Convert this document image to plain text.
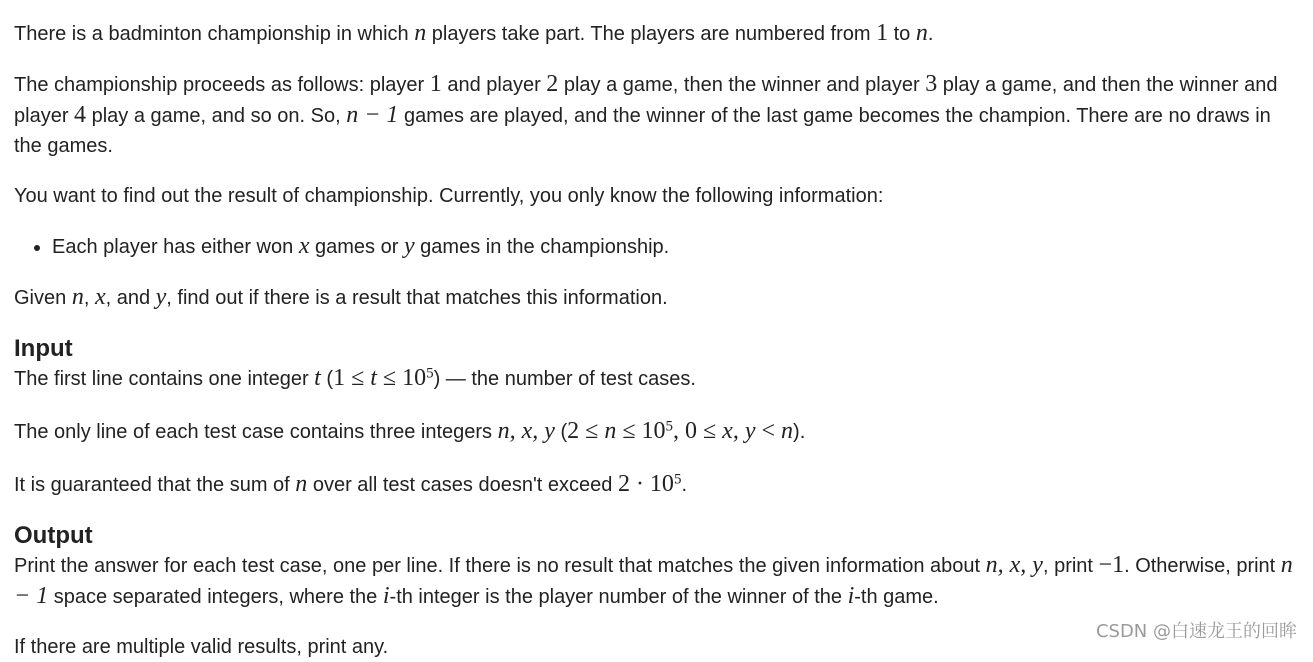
There is a badminton championship in which n players take part. The players are numbered from 1 to n.

The championship proceeds as follows: player 1 and player 2 play a game, then the winner and player 3 play a game, and then the winner and player 4 play a game, and so on. So, n − 1 games are played, and the winner of the last game becomes the champion. There are no draws in the games.

You want to find out the result of championship. Currently, you only know the following information:

• Each player has either won x games or y games in the championship.

Given n, x, and y, find out if there is a result that matches this information.

Input

The first line contains one integer t $(1 \le t \le 10^5)$ — the number of test cases.

The only line of each test case contains three integers n, x, y ($2 \le n \le 10^5$, 0 ≤ x, y < n).

It is guaranteed that the sum of n over all test cases doesn't exceed $2 \cdot 10^5$.

Output

Print the answer for each test case, one per line. If there is no result that matches the given information about n, x, y, print −1. Otherwise, print n − 1 space separated integers, where the i-th integer is the player number of the winner of the i-th game.

If there are multiple valid results, print any.

CSDN @白速龙王的回眸
